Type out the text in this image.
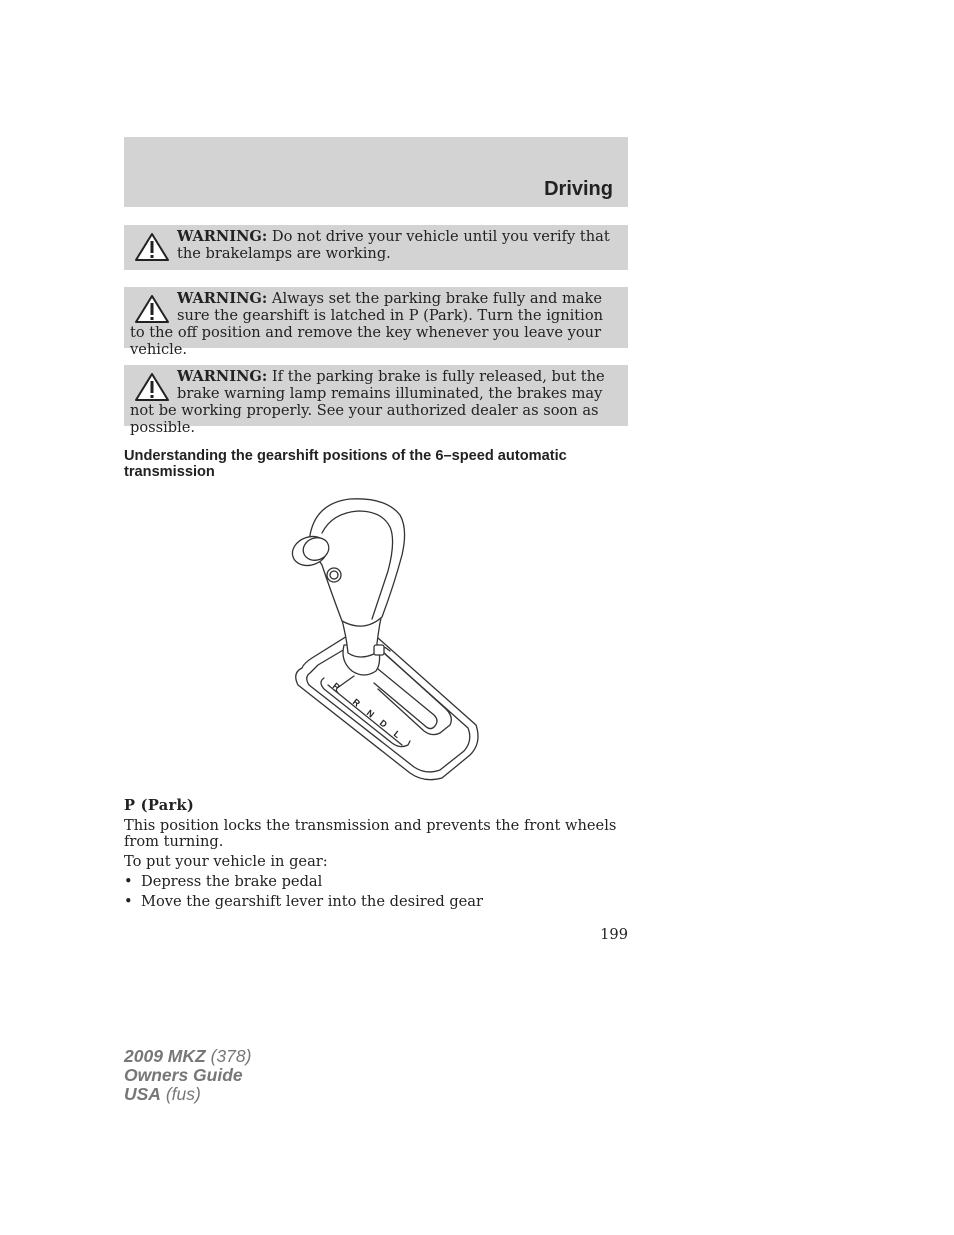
Driving
WARNING: Do not drive your vehicle until you verify that the brakelamps are working.
WARNING: Always set the parking brake fully and make sure the gearshift is latched in P (Park). Turn the ignition to the off position and remove the key whenever you leave your vehicle.
WARNING: If the parking brake is fully released, but the brake warning lamp remains illuminated, the brakes may not be working properly. See your authorized dealer as soon as possible.
Understanding the gearshift positions of the 6–speed automatic transmission
P
R
N
D
L
P (Park)
This position locks the transmission and prevents the front wheels from turning.
To put your vehicle in gear:
• Depress the brake pedal
• Move the gearshift lever into the desired gear
199
2009 MKZ (378)
Owners Guide
USA (fus)
